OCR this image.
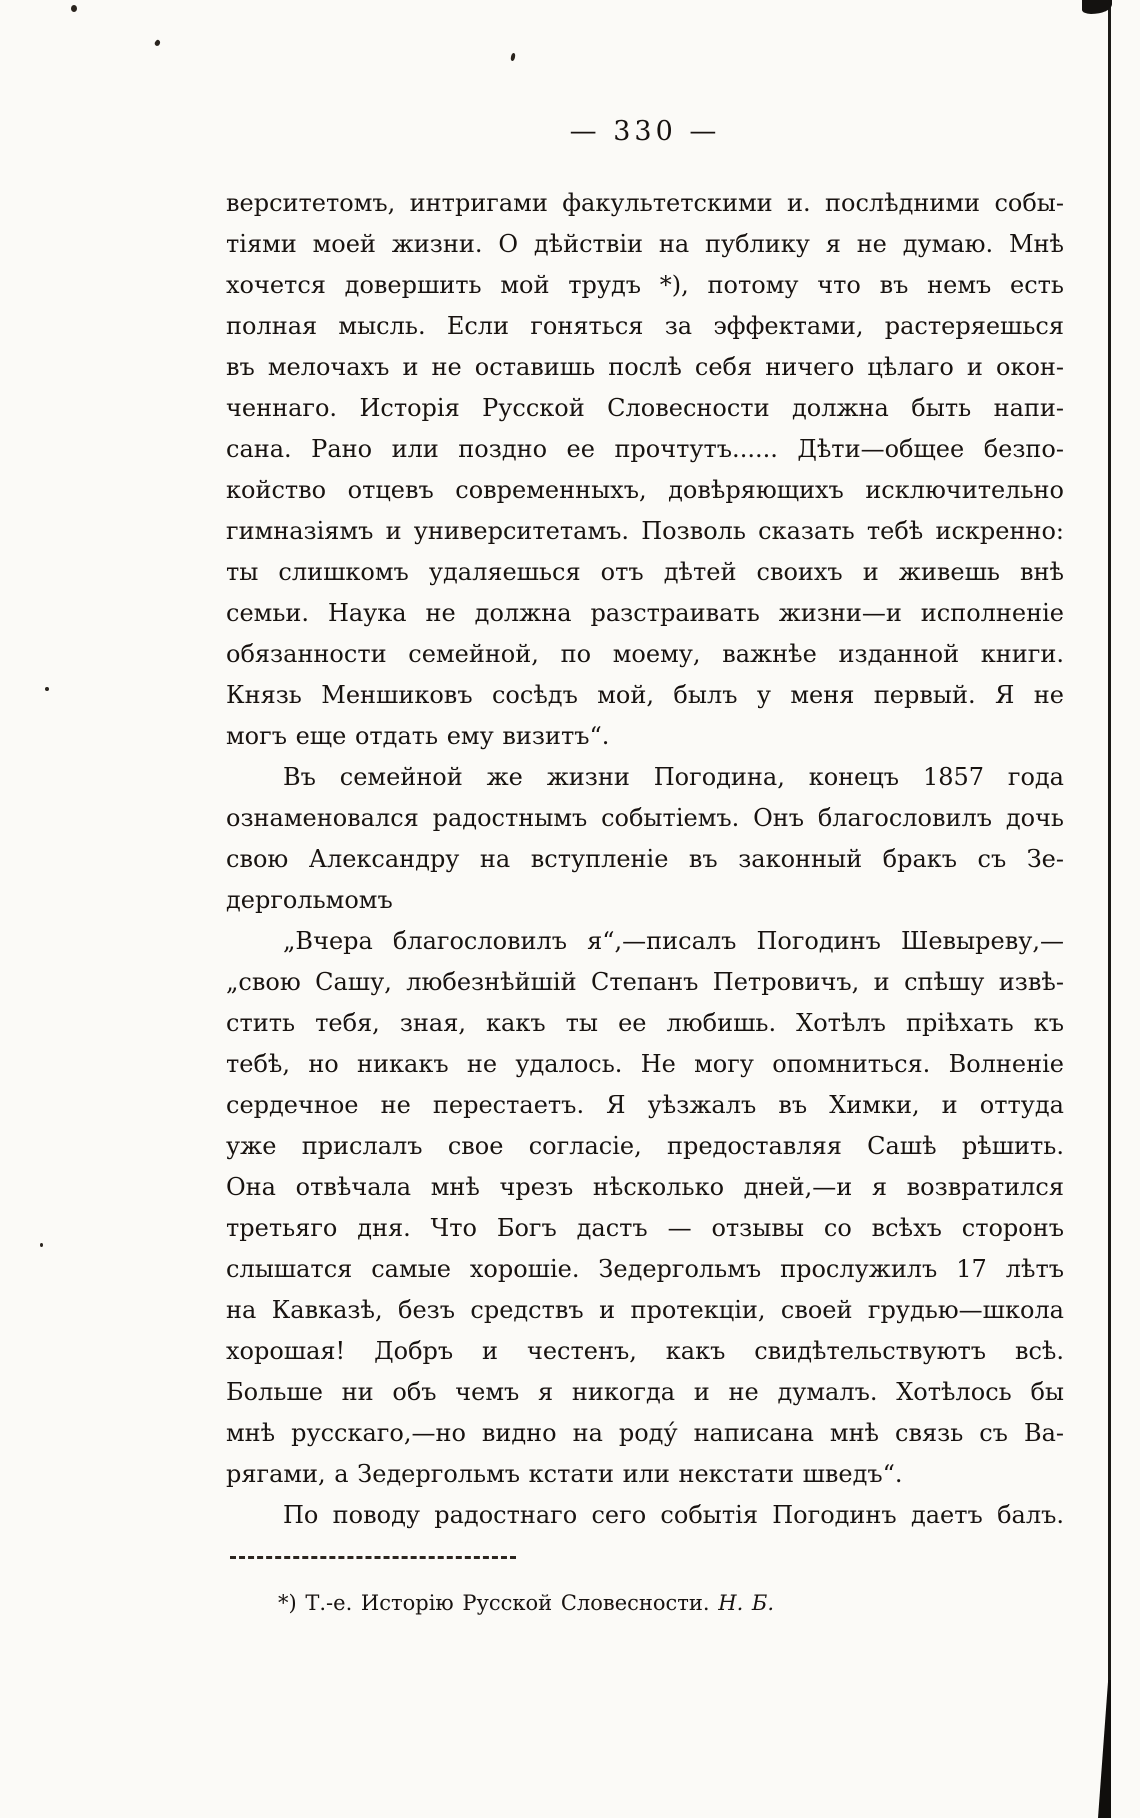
— 330 —
верситетомъ, интригами факультетскими и. послѣдними собы-
тіями моей жизни. О дѣйствіи на публику я не думаю. Мнѣ
хочется довершить мой трудъ *), потому что въ немъ есть
полная мысль. Если гоняться за эффектами, растеряешься
въ мелочахъ и не оставишь послѣ себя ничего цѣлаго и окон-
ченнаго. Исторія Русской Словесности должна быть напи-
сана. Рано или поздно ее прочтутъ...... Дѣти—общее безпо-
койство отцевъ современныхъ, довѣряющихъ исключительно
гимназіямъ и университетамъ. Позволь сказать тебѣ искренно:
ты слишкомъ удаляешься отъ дѣтей своихъ и живешь внѣ
семьи. Наука не должна разстраивать жизни—и исполненіе
обязанности семейной, по моему, важнѣе изданной книги.
Князь Меншиковъ сосѣдъ мой, былъ у меня первый. Я не
могъ еще отдать ему визитъ“.
Въ семейной же жизни Погодина, конецъ 1857 года
ознаменовался радостнымъ событіемъ. Онъ благословилъ дочь
свою Александру на вступленіе въ законный бракъ съ Зе-
дергольмомъ
„Вчера благословилъ я“,—писалъ Погодинъ Шевыреву,—
„свою Сашу, любезнѣйшій Степанъ Петровичъ, и спѣшу извѣ-
стить тебя, зная, какъ ты ее любишь. Хотѣлъ пріѣхать къ
тебѣ, но никакъ не удалось. Не могу опомниться. Волненіе
сердечное не перестаетъ. Я уѣзжалъ въ Химки, и оттуда
уже прислалъ свое согласіе, предоставляя Сашѣ рѣшить.
Она отвѣчала мнѣ чрезъ нѣсколько дней,—и я возвратился
третьяго дня. Что Богъ дастъ — отзывы со всѣхъ сторонъ
слышатся самые хорошіе. Зедергольмъ прослужилъ 17 лѣтъ
на Кавказѣ, безъ средствъ и протекціи, своей грудью—школа
хорошая! Добръ и честенъ, какъ свидѣтельствуютъ всѣ.
Больше ни объ чемъ я никогда и не думалъ. Хотѣлось бы
мнѣ русскаго,—но видно на роду́ написана мнѣ связь съ Ва-
рягами, а Зедергольмъ кстати или некстати шведъ“.
По поводу радостнаго сего событія Погодинъ даетъ балъ.
*) Т.-е. Исторію Русской Словесности. Н. Б.
